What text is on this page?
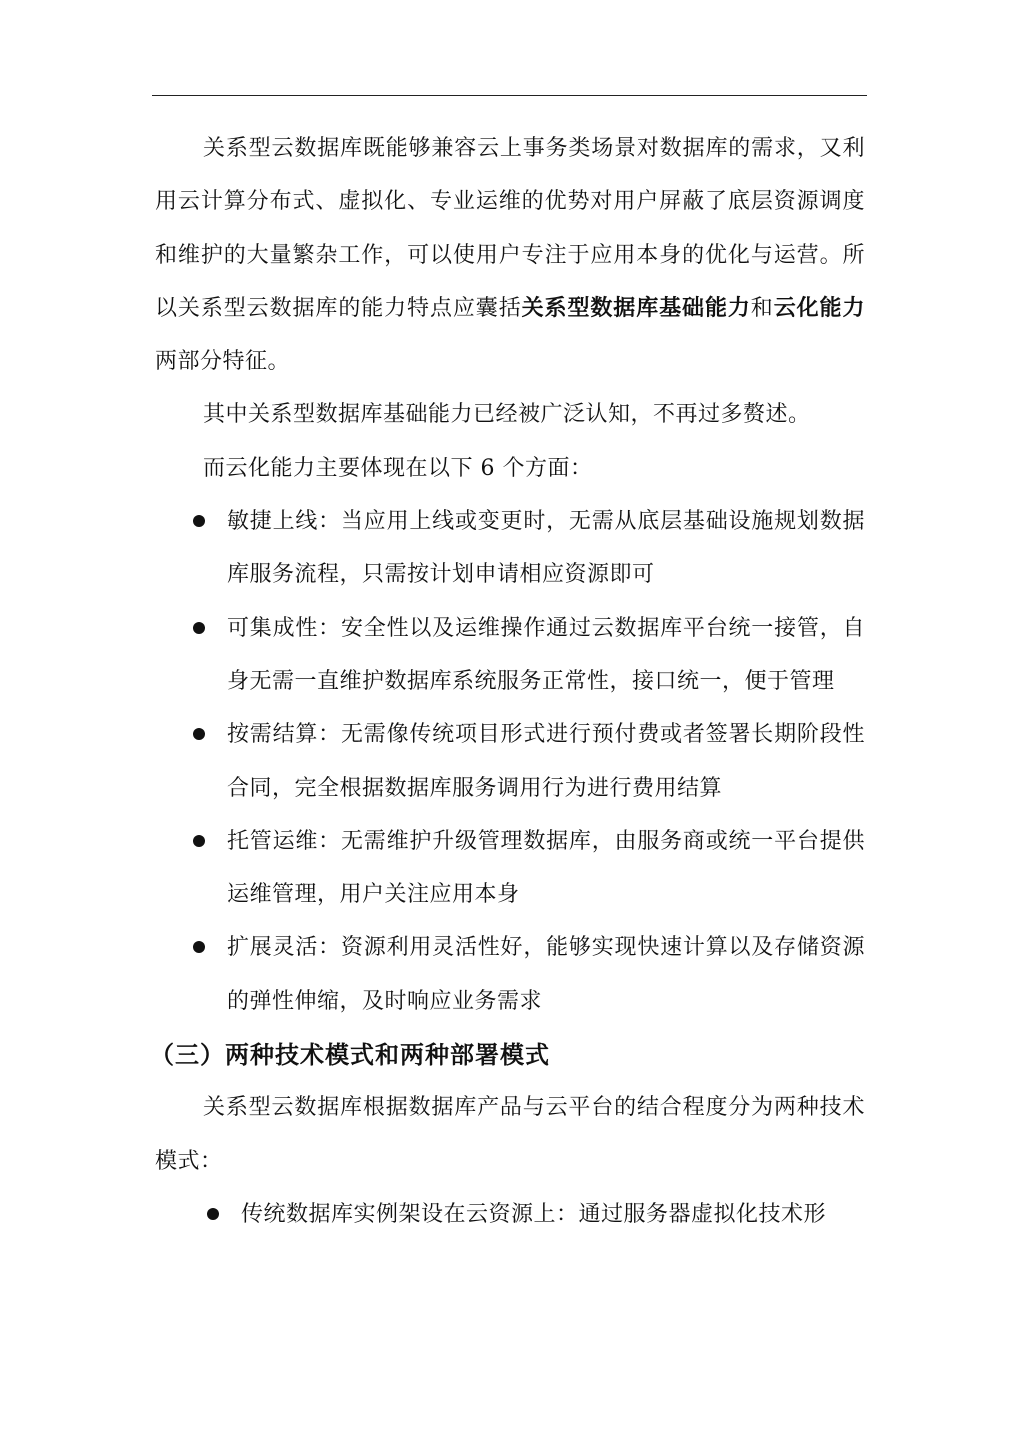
关系型云数据库既能够兼容云上事务类场景对数据库的需求，又利用云计算分布式、虚拟化、专业运维的优势对用户屏蔽了底层资源调度和维护的大量繁杂工作，可以使用户专注于应用本身的优化与运营。所以关系型云数据库的能力特点应囊括关系型数据库基础能力和云化能力两部分特征。

其中关系型数据库基础能力已经被广泛认知，不再过多赘述。

而云化能力主要体现在以下 6 个方面：

敏捷上线：当应用上线或变更时，无需从底层基础设施规划数据库服务流程，只需按计划申请相应资源即可
可集成性：安全性以及运维操作通过云数据库平台统一接管，自身无需一直维护数据库系统服务正常性，接口统一，便于管理
按需结算：无需像传统项目形式进行预付费或者签署长期阶段性合同，完全根据数据库服务调用行为进行费用结算
托管运维：无需维护升级管理数据库，由服务商或统一平台提供运维管理，用户关注应用本身
扩展灵活：资源利用灵活性好，能够实现快速计算以及存储资源的弹性伸缩，及时响应业务需求
（三）两种技术模式和两种部署模式

关系型云数据库根据数据库产品与云平台的结合程度分为两种技术模式：

传统数据库实例架设在云资源上：通过服务器虚拟化技术形
